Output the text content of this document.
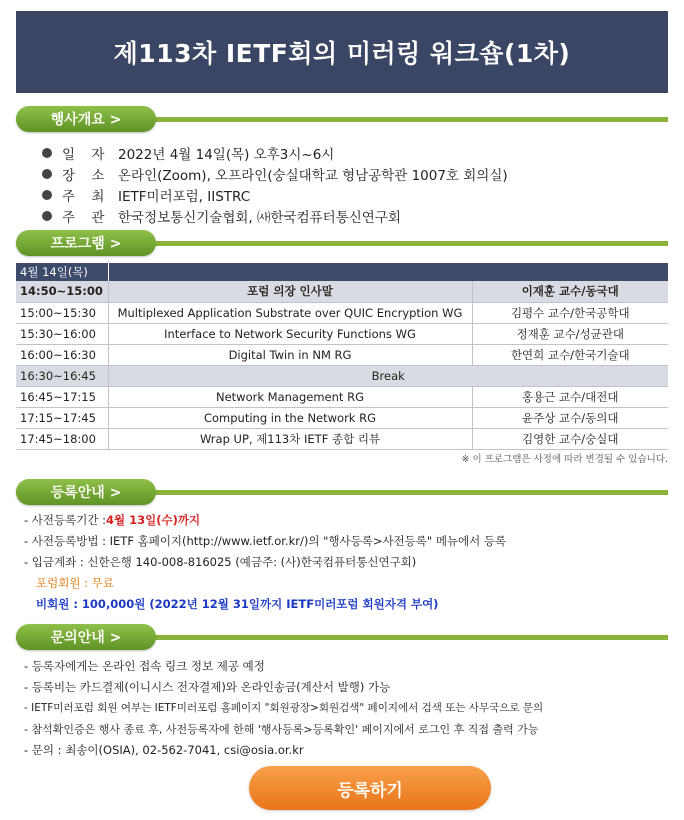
제113차 IETF회의 미러링 워크숍(1차)
행사개요 >
일 자 2022년 4월 14일(목) 오후3시~6시
장 소 온라인(Zoom), 오프라인(숭실대학교 형남공학관 1007호 회의실)
주 최 IETF미러포럼, IISTRC
주 관 한국정보통신기술협회, ㈔한국컴퓨터통신연구회
프로그램 >
4월 14일(목)		
14:50~15:00	포럼 의장 인사말	이재훈 교수/동국대
15:00~15:30	Multiplexed Application Substrate over QUIC Encryption WG	김평수 교수/한국공학대
15:30~16:00	Interface to Network Security Functions WG	정재훈 교수/성균관대
16:00~16:30	Digital Twin in NM RG	한연희 교수/한국기술대
16:30~16:45	Break	
16:45~17:15	Network Management RG	홍용근 교수/대전대
17:15~17:45	Computing in the Network RG	윤주상 교수/동의대
17:45~18:00	Wrap UP, 제113차 IETF 종합 리뷰	김영한 교수/숭실대
※ 이 프로그램은 사정에 따라 변경될 수 있습니다.
등록안내 >
- 사전등록기간 : 4월 13일(수)까지
- 사전등록방법 : IETF 홈페이지(http://www.ietf.or.kr/)의 "행사등록>사전등록" 메뉴에서 등록
- 입금계좌 : 신한은행 140-008-816025 (예금주: (사)한국컴퓨터통신연구회)
포럼회원 : 무료
비회원 : 100,000원 (2022년 12월 31일까지 IETF미러포럼 회원자격 부여)
문의안내 >
- 등록자에게는 온라인 접속 링크 정보 제공 예정
- 등록비는 카드결제(이니시스 전자결제)와 온라인송금(계산서 발행) 가능
- IETF미러포럼 회원 여부는 IETF미러포럼 홈페이지 "회원광장>회원검색" 페이지에서 검색 또는 사무국으로 문의
- 참석확인증은 행사 종료 후, 사전등록자에 한해 '행사등록>등록확인' 페이지에서 로그인 후 직접 출력 가능
- 문의 : 최송이(OSIA), 02-562-7041, csi@osia.or.kr
등록하기
